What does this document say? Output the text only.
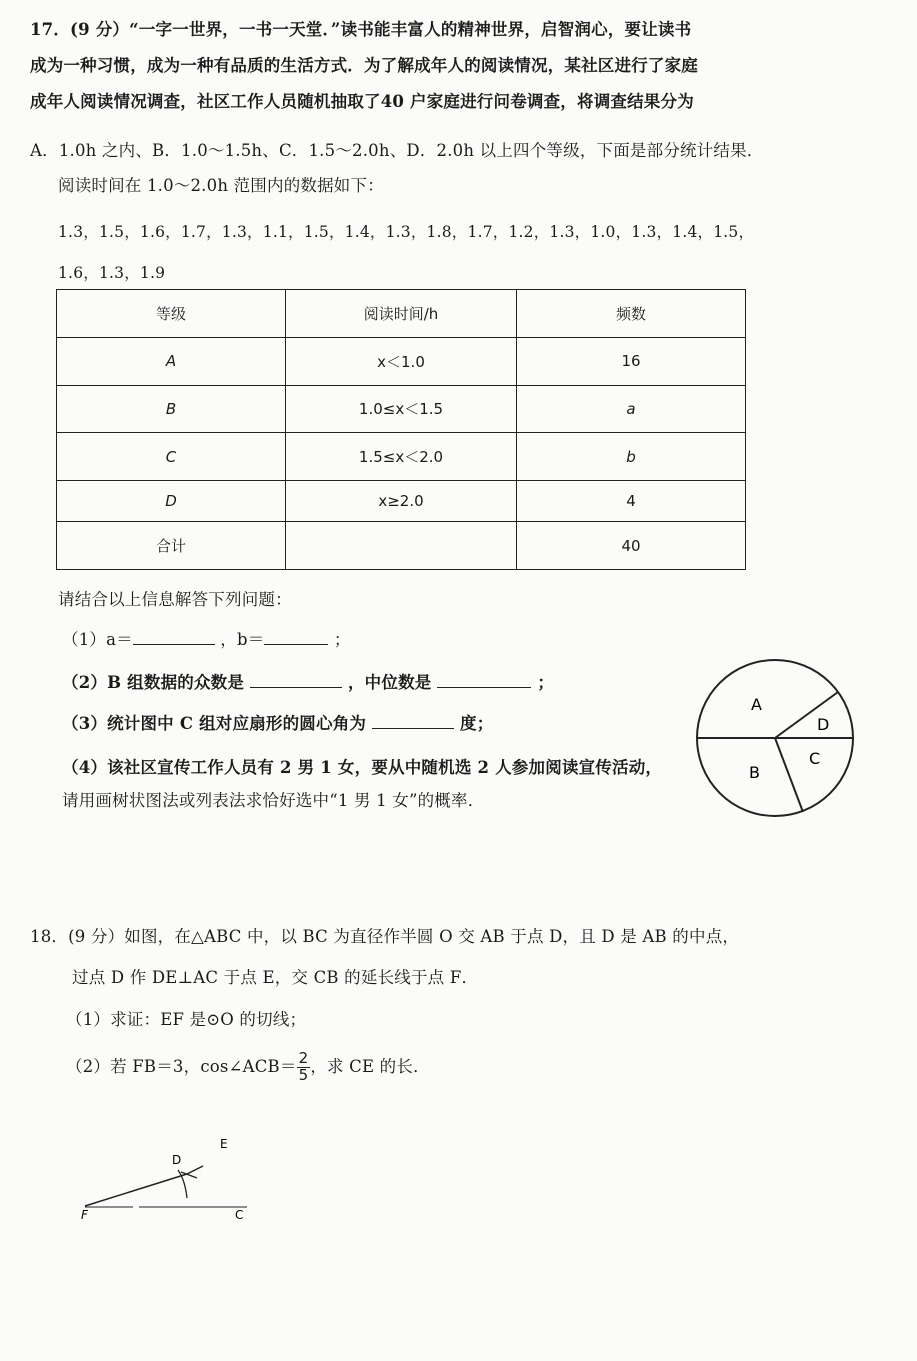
17．(9 分）“一字一世界，一书一天堂．”读书能丰富人的精神世界，启智润心，要让读书
成为一种习惯，成为一种有品质的生活方式．为了解成年人的阅读情况，某社区进行了家庭
成年人阅读情况调查，社区工作人员随机抽取了40 户家庭进行问卷调查，将调查结果分为
A．1.0h 之内、B．1.0～1.5h、C．1.5～2.0h、D．2.0h 以上四个等级，下面是部分统计结果．
阅读时间在 1.0～2.0h 范围内的数据如下：
1.3，1.5，1.6，1.7，1.3，1.1，1.5，1.4，1.3，1.8，1.7，1.2，1.3，1.0，1.3，1.4，1.5，
1.6，1.3，1.9
等级	阅读时间/h	频数
A	x＜1.0	16
B	1.0≤x＜1.5	a
C	1.5≤x＜2.0	b
D	x≥2.0	4
合计		40
请结合以上信息解答下列问题：
（1）a＝	，b＝	；
（2）B 组数据的众数是	，中位数是	；
（3）统计图中 C 组对应扇形的圆心角为	度；
（4）该社区宣传工作人员有 2 男 1 女，要从中随机选 2 人参加阅读宣传活动，
请用画树状图法或列表法求恰好选中“1 男 1 女”的概率．
A
D
B
C
18．(9 分）如图，在△ABC 中，以 BC 为直径作半圆 O 交 AB 于点 D，且 D 是 AB 的中点，
过点 D 作 DE⊥AC 于点 E，交 CB 的延长线于点 F．
（1）求证：EF 是⊙O 的切线；
（2）若 FB＝3，cos∠ACB＝ $\frac{2}{5}$ ，求 CE 的长．
E
D
F	C
